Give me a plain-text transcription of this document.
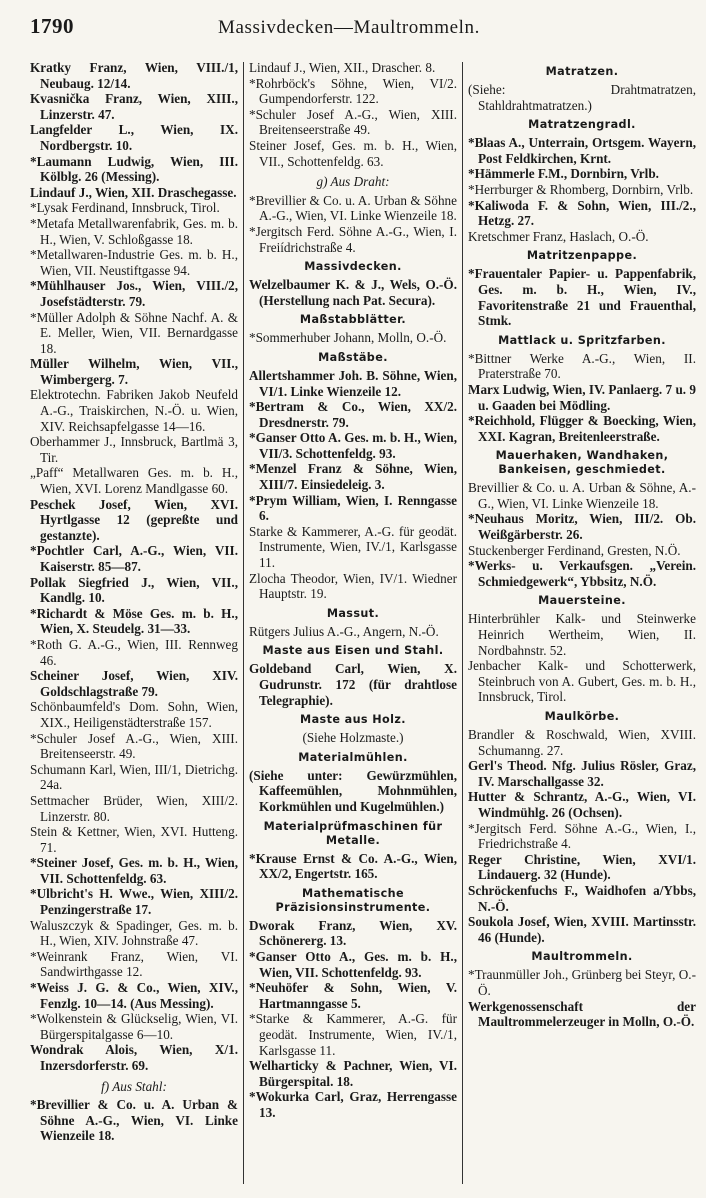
1790	Massivdecken—Maultrommeln.

Kratky Franz, Wien, VIII./1, Neubaug. 12/14.

Kvasnička Franz, Wien, XIII., Linzerstr. 47.

Langfelder L., Wien, IX. Nordbergstr. 10.

*Laumann Ludwig, Wien, III. Kölblg. 26 (Messing).

Lindauf J., Wien, XII. Draschegasse.

*Lysak Ferdinand, Innsbruck, Tirol.

*Metafa Metallwarenfabrik, Ges. m. b. H., Wien, V. Schloßgasse 18.

*Metallwaren-Industrie Ges. m. b. H., Wien, VII. Neustiftgasse 94.

*Mühlhauser Jos., Wien, VIII./2, Josefstädterstr. 79.

*Müller Adolph & Söhne Nachf. A. & E. Meller, Wien, VII. Bernardgasse 18.

Müller Wilhelm, Wien, VII., Wimbergerg. 7.

Elektrotechn. Fabriken Jakob Neufeld A.-G., Traiskirchen, N.-Ö. u. Wien, XIV. Reichsapfelgasse 14—16.

Oberhammer J., Innsbruck, Bartlmä 3, Tir.

„Paff“ Metallwaren Ges. m. b. H., Wien, XVI. Lorenz Mandlgasse 60.

Peschek Josef, Wien, XVI. Hyrtlgasse 12 (gepreßte und gestanzte).

*Pochtler Carl, A.-G., Wien, VII. Kaiserstr. 85—87.

Pollak Siegfried J., Wien, VII., Kandlg. 10.

*Richardt & Möse Ges. m. b. H., Wien, X. Steudelg. 31—33.

*Roth G. A.-G., Wien, III. Rennweg 46.

Scheiner Josef, Wien, XIV. Goldschlagstraße 79.

Schönbaumfeld's Dom. Sohn, Wien, XIX., Heiligenstädterstraße 157.

*Schuler Josef A.-G., Wien, XIII. Breitenseerstr. 49.

Schumann Karl, Wien, III/1, Dietrichg. 24a.

Settmacher Brüder, Wien, XIII/2. Linzerstr. 80.

Stein & Kettner, Wien, XVI. Hutteng. 71.

*Steiner Josef, Ges. m. b. H., Wien, VII. Schottenfeldg. 63.

*Ulbricht's H. Wwe., Wien, XIII/2. Penzingerstraße 17.

Waluszczyk & Spadinger, Ges. m. b. H., Wien, XIV. Johnstraße 47.

*Weinrank Franz, Wien, VI. Sandwirthgasse 12.

*Weiss J. G. & Co., Wien, XIV., Fenzlg. 10—14. (Aus Messing).

*Wolkenstein & Glückselig, Wien, VI. Bürgerspitalgasse 6—10.

Wondrak Alois, Wien, X/1. Inzersdorferstr. 69.

f) Aus Stahl:

*Brevillier & Co. u. A. Urban & Söhne A.-G., Wien, VI. Linke Wienzeile 18.

Lindauf J., Wien, XII., Draschег. 8.

*Rohrböck's Söhne, Wien, VI/2. Gumpendorferstr. 122.

*Schuler Josef A.-G., Wien, XIII. Breitenseerstraße 49.

Steiner Josef, Ges. m. b. H., Wien, VII., Schottenfeldg. 63.

g) Aus Draht:

*Brevillier & Co. u. A. Urban & Söhne A.-G., Wien, VI. Linke Wienzeile 18.

*Jergitsch Ferd. Söhne A.-G., Wien, I. Freiídrichstraße 4.

Massivdecken.

Welzelbaumer K. & J., Wels, O.-Ö. (Herstellung nach Pat. Secura).

Maßstabblätter.

*Sommerhuber Johann, Molln, O.-Ö.

Maßstäbe.

Allertshammer Joh. B. Söhne, Wien, VI/1. Linke Wienzeile 12.

*Bertram & Co., Wien, XX/2. Dresdnerstr. 79.

*Ganser Otto A. Ges. m. b. H., Wien, VII/3. Schottenfeldg. 93.

*Menzel Franz & Söhne, Wien, XIII/7. Einsiedeleig. 3.

*Prym William, Wien, I. Renngasse 6.

Starke & Kammerer, A.-G. für geodät. Instrumente, Wien, IV./1, Karlsgasse 11.

Zlocha Theodor, Wien, IV/1. Wiedner Hauptstr. 19.

Massut.

Rütgers Julius A.-G., Angern, N.-Ö.

Maste aus Eisen und Stahl.

Goldeband Carl, Wien, X. Gudrunstr. 172 (für drahtlose Telegraphie).

Maste aus Holz.

(Siehe Holzmaste.)

Materialmühlen.

(Siehe unter: Gewürzmühlen, Kaffeemühlen, Mohnmühlen, Korkmühlen und Kugelmühlen.)

Materialprüfmaschinen für Metalle.

*Krause Ernst & Co. A.-G., Wien, XX/2, Engertstr. 165.

Mathematische Präzisionsinstrumente.

Dworak Franz, Wien, XV. Schönererg. 13.

*Ganser Otto A., Ges. m. b. H., Wien, VII. Schottenfeldg. 93.

*Neuhöfer & Sohn, Wien, V. Hartmanngasse 5.

*Starke & Kammerer, A.-G. für geodät. Instrumente, Wien, IV./1, Karlsgasse 11.

Welharticky & Pachner, Wien, VI. Bürgerspital. 18.

*Wokurka Carl, Graz, Herrengasse 13.

Matratzen.

(Siehe: Drahtmatratzen, Stahldrahtmatratzen.)

Matratzengradl.

*Blaas A., Unterrain, Ortsgem. Wayern, Post Feldkirchen, Krnt.

*Hämmerle F.M., Dornbirn, Vrlb.

*Herrburger & Rhomberg, Dornbirn, Vrlb.

*Kaliwoda F. & Sohn, Wien, III./2., Hetzg. 27.

Kretschmer Franz, Haslach, O.-Ö.

Matritzenpappe.

*Frauentaler Papier- u. Pappenfabrik, Ges. m. b. H., Wien, IV., Favoritenstraße 21 und Frauenthal, Stmk.

Mattlack u. Spritzfarben.

*Bittner Werke A.-G., Wien, II. Praterstraße 70.

Marx Ludwig, Wien, IV. Panlaerg. 7 u. 9 u. Gaaden bei Mödling.

*Reichhold, Flügger & Boecking, Wien, XXI. Kagran, Breitenleerstraße.

Mauerhaken, Wandhaken, Bankeisen, geschmiedet.

Brevillier & Co. u. A. Urban & Söhne, A.-G., Wien, VI. Linke Wienzeile 18.

*Neuhaus Moritz, Wien, III/2. Ob. Weißgärberstr. 26.

Stuckenberger Ferdinand, Gresten, N.Ö.

*Werks- u. Verkaufsgen. „Verein. Schmiedgewerk“, Ybbsitz, N.Ö.

Mauersteine.

Hinterbrühler Kalk- und Steinwerke Heinrich Wertheim, Wien, II. Nordbahnstr. 52.

Jenbacher Kalk- und Schotterwerk, Steinbruch von A. Gubert, Ges. m. b. H., Innsbruck, Tirol.

Maulkörbe.

Brandler & Roschwald, Wien, XVIII. Schumanng. 27.

Gerl's Theod. Nfg. Julius Rösler, Graz, IV. Marschallgasse 32.

Hutter & Schrantz, A.-G., Wien, VI. Windmühlg. 26 (Ochsen).

*Jergitsch Ferd. Söhne A.-G., Wien, I., Friedrichstraße 4.

Reger Christine, Wien, XVI/1. Lindauerg. 32 (Hunde).

Schröckenfuchs F., Waidhofen a/Ybbs, N.-Ö.

Soukola Josef, Wien, XVIII. Martinsstr. 46 (Hunde).

Maultrommeln.

*Traunmüller Joh., Grünberg bei Steyr, O.-Ö.

Werkgenossenschaft der Maultrommelerzeuger in Molln, O.-Ö.
